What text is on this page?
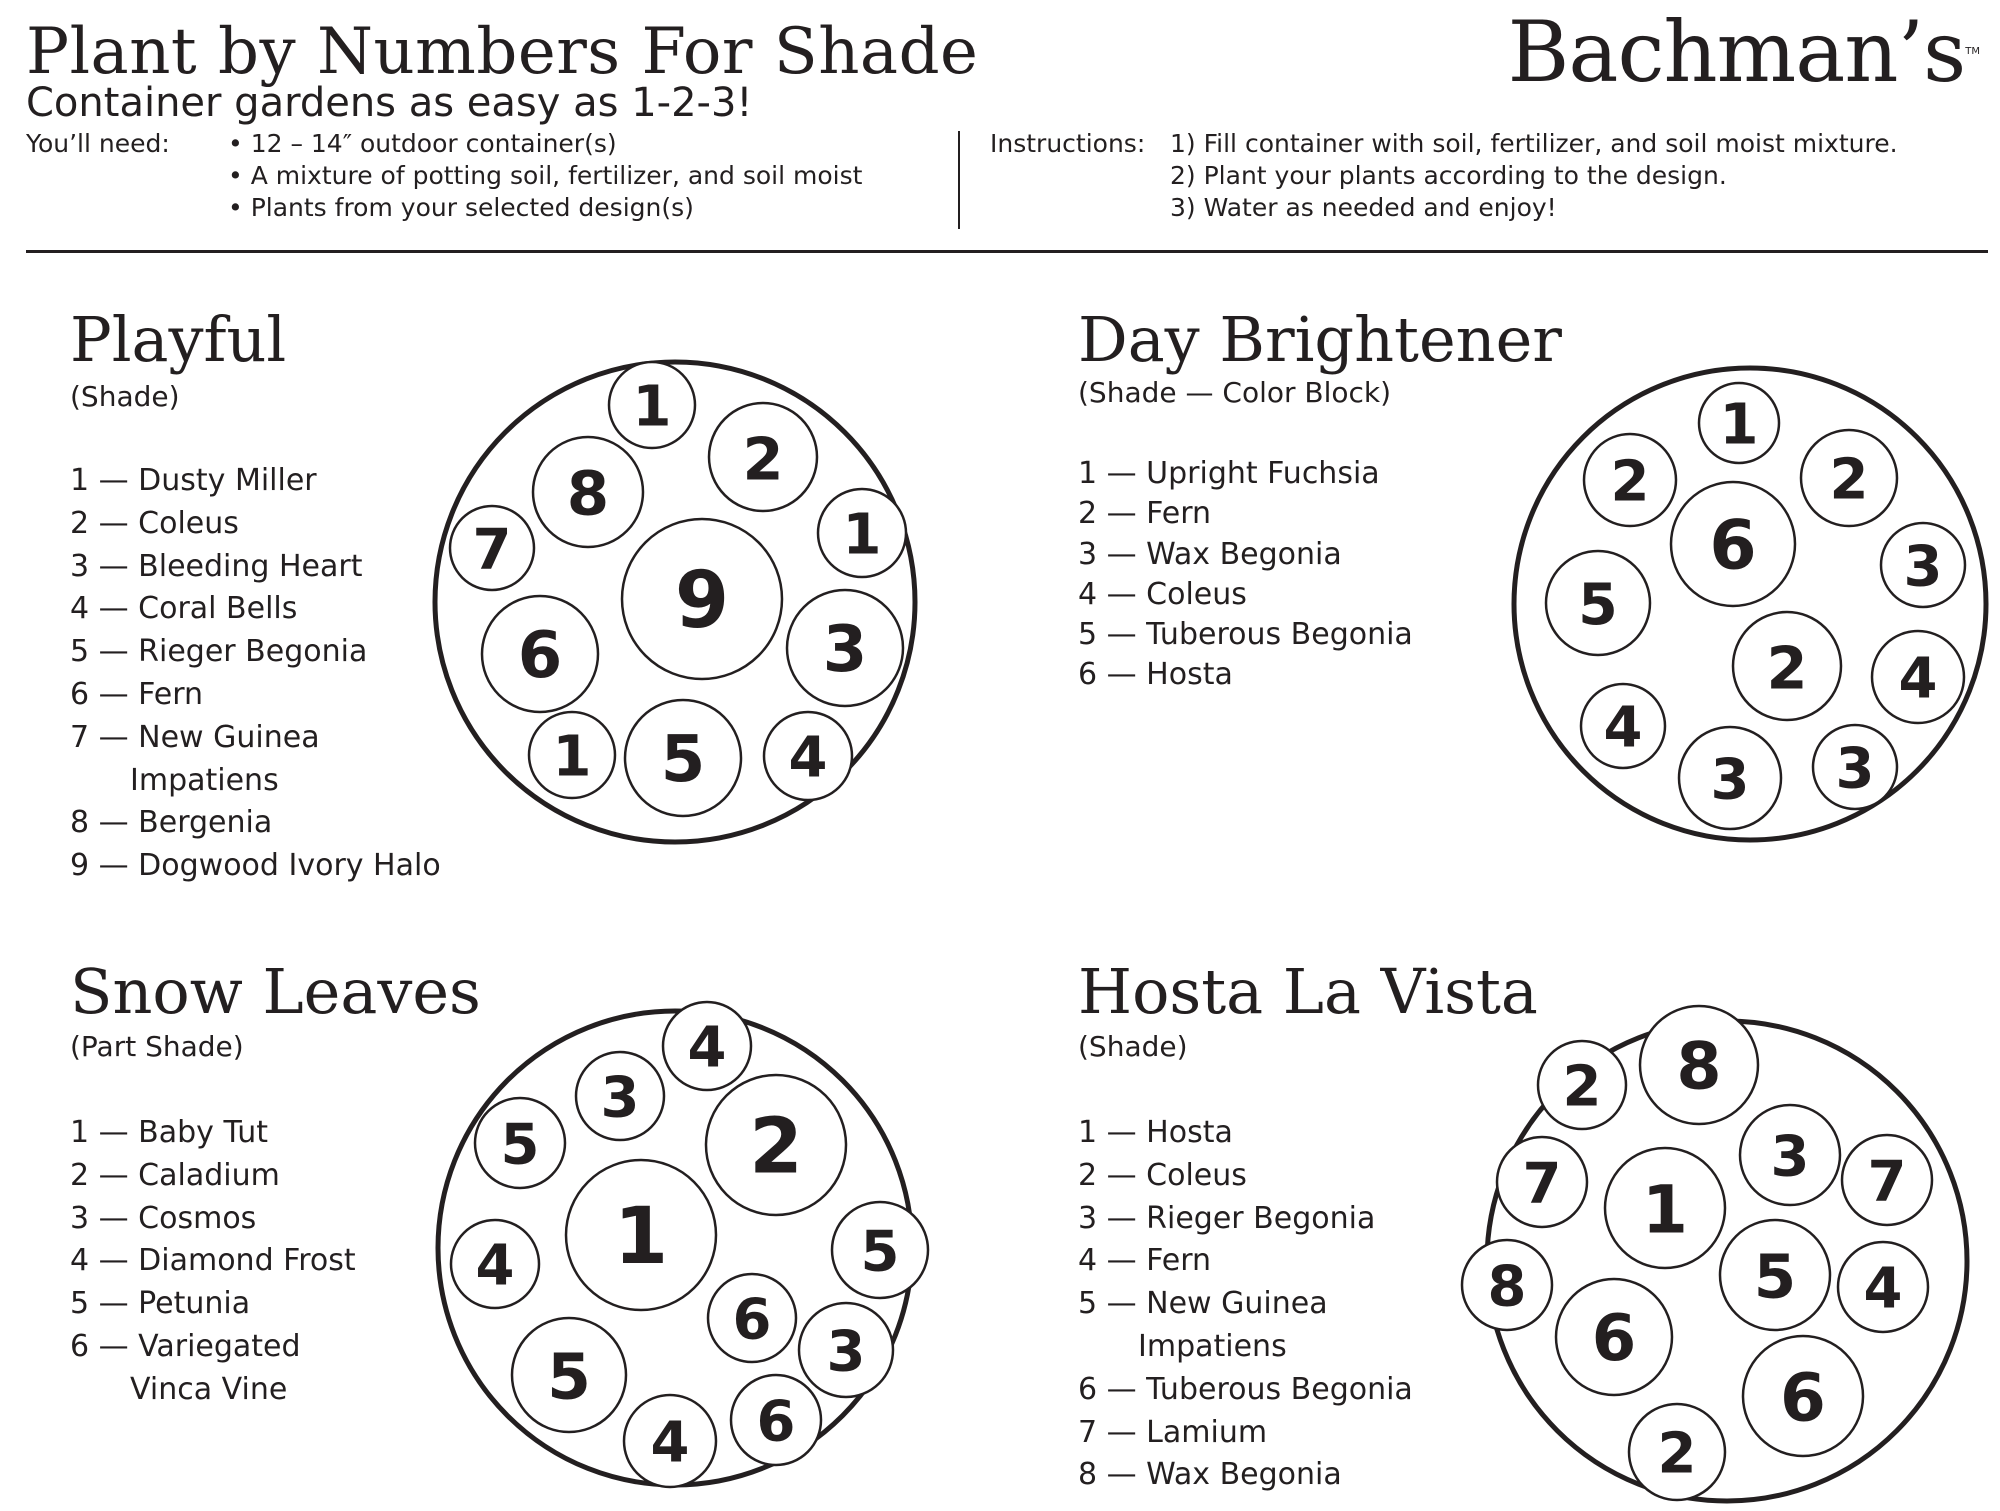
Plant by Numbers For Shade
Container gardens as easy as 1-2-3!
Bachman’s™
You’ll need: • 12 – 14″ outdoor container(s)
• A mixture of potting soil, fertilizer, and soil moist
• Plants from your selected design(s)
Instructions: 1) Fill container with soil, fertilizer, and soil moist mixture.
2) Plant your plants according to the design.
3) Water as needed and enjoy!
Playful
(Shade)
1 — Dusty Miller
2 — Coleus
3 — Bleeding Heart
4 — Coral Bells
5 — Rieger Begonia
6 — Fern
7 — New Guinea
Impatiens
8 — Bergenia
9 — Dogwood Ivory Halo
Day Brightener
(Shade — Color Block)
1 — Upright Fuchsia
2 — Fern
3 — Wax Begonia
4 — Coleus
5 — Tuberous Begonia
6 — Hosta
Snow Leaves
(Part Shade)
1 — Baby Tut
2 — Caladium
3 — Cosmos
4 — Diamond Frost
5 — Petunia
6 — Variegated
Vinca Vine
Hosta La Vista
(Shade)
1 — Hosta
2 — Coleus
3 — Rieger Begonia
4 — Fern
5 — New Guinea
Impatiens
6 — Tuberous Begonia
7 — Lamium
8 — Wax Begonia
1
2
8
1
7
9
6	3
1 5 4
1
2	2
6	3
5
2 4
4
3 3
4
3
2
5
1
4	5
6 3
5
6
4
8
2
7	3 7
1
8	5 4
6
6
2
